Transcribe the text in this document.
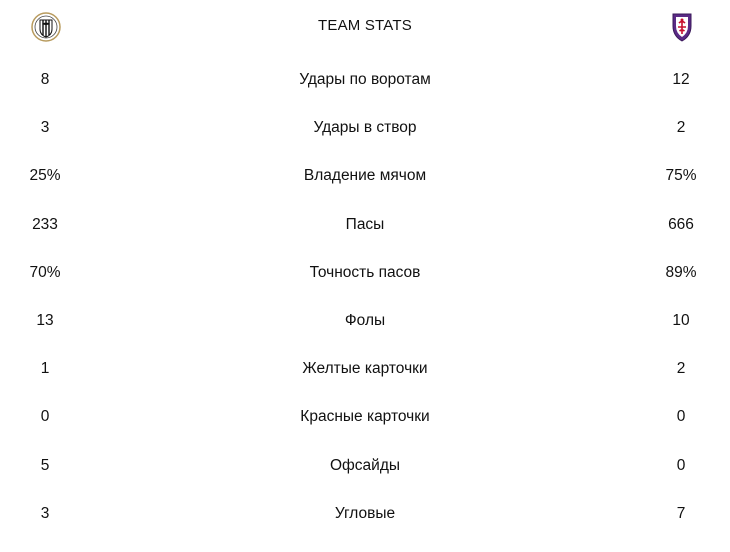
TEAM STATS
8	Удары по воротам	12
3	Удары в створ	2
25%	Владение мячом	75%
233	Пасы	666
70%	Точность пасов	89%
13	Фолы	10
1	Желтые карточки	2
0	Красные карточки	0
5	Офсайды	0
3	Угловые	7
